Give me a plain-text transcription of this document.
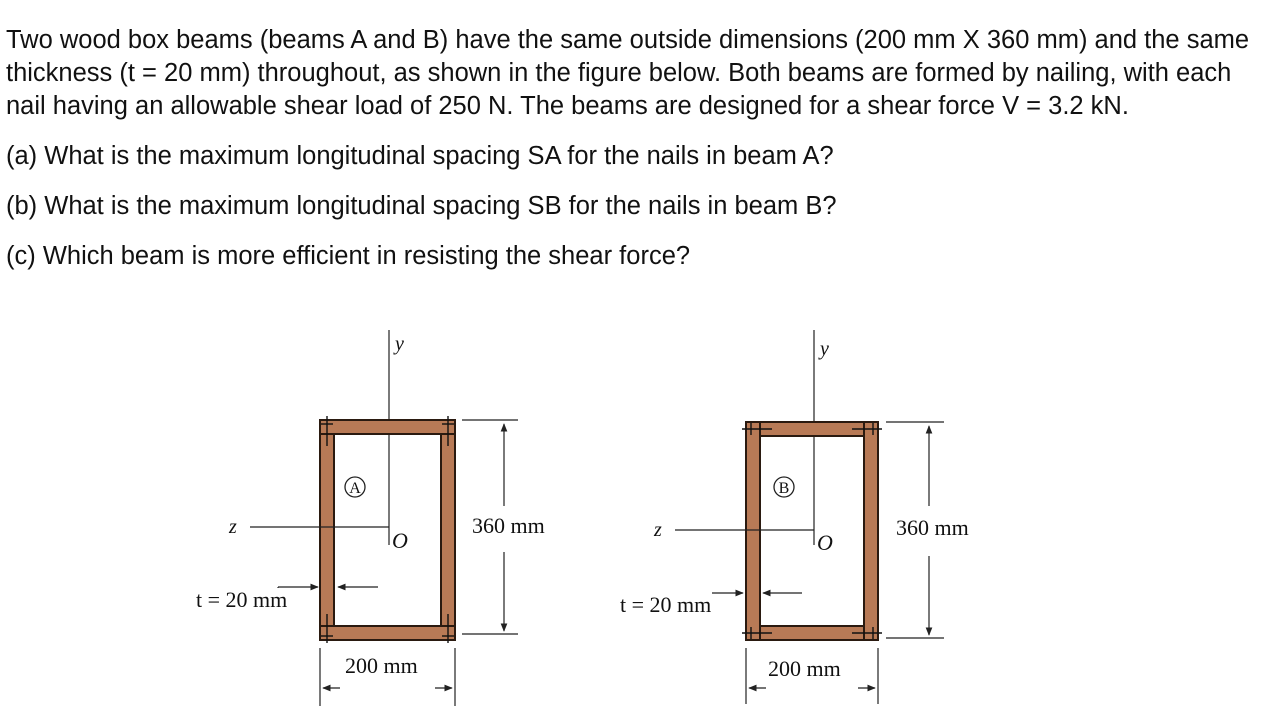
Two wood box beams (beams A and B) have the same outside dimensions (200 mm X 360 mm) and the same thickness (t = 20 mm) throughout, as shown in the figure below. Both beams are formed by nailing, with each nail having an allowable shear load of 250 N. The beams are designed for a shear force V = 3.2 kN.

(a) What is the maximum longitudinal spacing SA for the nails in beam A?

(b) What is the maximum longitudinal spacing SB for the nails in beam B?

(c) Which beam is more efficient in resisting the shear force?

y
A
z
O
360 mm
t = 20 mm
200 mm
y
B
z	O
360 mm
t = 20 mm
200 mm
